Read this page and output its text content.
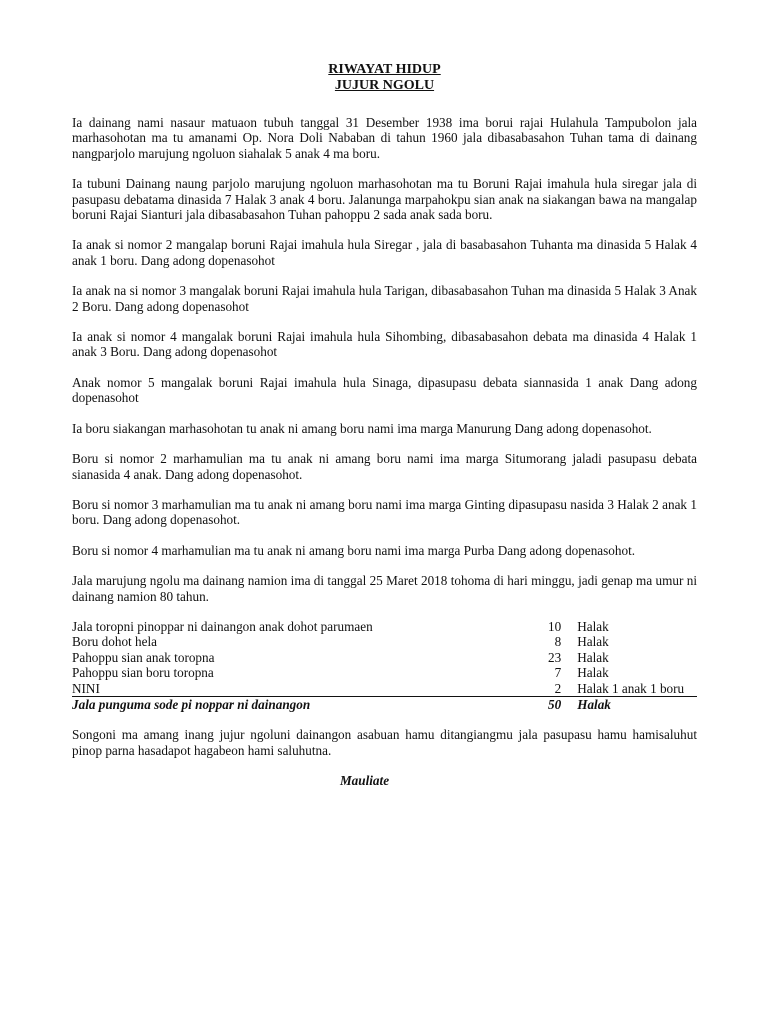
RIWAYAT HIDUP
JUJUR NGOLU

Ia dainang nami nasaur matuaon tubuh tanggal 31 Desember 1938 ima borui rajai Hulahula Tampubolon jala marhasohotan ma tu amanami Op. Nora Doli Nababan di tahun 1960 jala dibasabasahon Tuhan tama di dainang nangparjolo marujung ngoluon siahalak 5 anak 4 ma boru.

Ia tubuni Dainang naung parjolo marujung ngoluon marhasohotan ma tu Boruni Rajai imahula hula siregar jala di pasupasu debatama dinasida 7 Halak 3 anak 4 boru. Jalanunga marpahokpu sian anak na siakangan bawa na mangalap boruni Rajai Sianturi jala dibasabasahon Tuhan pahoppu 2 sada anak sada boru.

Ia anak si nomor 2 mangalap boruni Rajai imahula hula Siregar , jala di basabasahon Tuhanta ma dinasida 5 Halak 4 anak 1 boru. Dang adong dopenasohot

Ia anak na si nomor 3 mangalak boruni Rajai imahula hula Tarigan, dibasabasahon Tuhan ma dinasida 5 Halak 3 Anak 2 Boru. Dang adong dopenasohot

Ia anak si nomor 4 mangalak boruni Rajai imahula hula Sihombing, dibasabasahon debata ma dinasida 4 Halak 1 anak 3 Boru. Dang adong dopenasohot

Anak nomor 5 mangalak boruni Rajai imahula hula Sinaga, dipasupasu debata siannasida 1 anak Dang adong dopenasohot

Ia boru siakangan marhasohotan tu anak ni amang boru nami ima marga Manurung Dang adong dopenasohot.

Boru si nomor 2 marhamulian ma tu anak ni amang boru nami ima marga Situmorang jaladi pasupasu debata sianasida 4 anak. Dang adong dopenasohot.

Boru si nomor 3 marhamulian ma tu anak ni amang boru nami ima marga Ginting dipasupasu nasida 3 Halak 2 anak 1 boru. Dang adong dopenasohot.

Boru si nomor 4 marhamulian ma tu anak ni amang boru nami ima marga Purba Dang adong dopenasohot.

Jala marujung ngolu ma dainang namion ima di tanggal 25 Maret 2018 tohoma di hari minggu, jadi genap ma umur ni dainang namion 80 tahun.

Jala toropni pinoppar ni dainangon anak dohot parumaen	10	Halak
Boru dohot hela	8	Halak
Pahoppu sian anak toropna	23	Halak
Pahoppu sian boru toropna	7	Halak
NINI	2	Halak 1 anak 1 boru
Jala punguma sode pi noppar ni dainangon	50	Halak

Songoni ma amang inang jujur ngoluni dainangon asabuan hamu ditangiangmu jala pasupasu hamu hamisaluhut pinop parna hasadapot hagabeon hami saluhutna.

Mauliate
